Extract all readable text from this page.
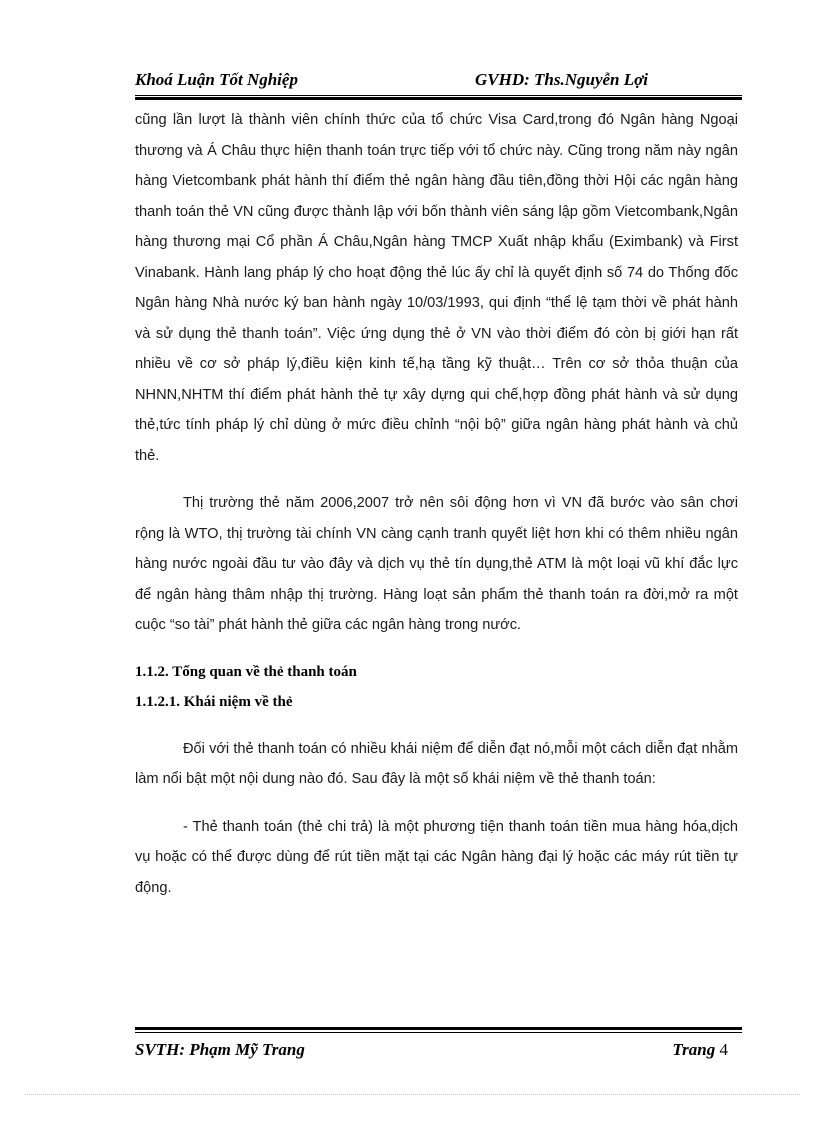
Khoá Luận Tốt Nghiệp	GVHD: Ths.Nguyễn Lợi

cũng lần lượt là thành viên chính thức của tổ chức Visa Card,trong đó Ngân hàng Ngoại thương và Á Châu thực hiện thanh toán trực tiếp với tổ chức này. Cũng trong năm này ngân hàng Vietcombank phát hành thí điểm thẻ ngân hàng đầu tiên,đồng thời Hội các ngân hàng thanh toán thẻ VN cũng được thành lập với bốn thành viên sáng lập gồm Vietcombank,Ngân hàng thương mại Cổ phần Á Châu,Ngân hàng TMCP Xuất nhập khẩu (Eximbank) và First Vinabank. Hành lang pháp lý cho hoạt động thẻ lúc ấy chỉ là quyết định số 74 do Thống đốc Ngân hàng Nhà nước ký ban hành ngày 10/03/1993, qui định “thể lệ tạm thời về phát hành và sử dụng thẻ thanh toán”. Việc ứng dụng thẻ ở VN vào thời điểm đó còn bị giới hạn rất nhiều về cơ sở pháp lý,điều kiện kinh tế,hạ tầng kỹ thuật… Trên cơ sở thỏa thuận của NHNN,NHTM thí điểm phát hành thẻ tự xây dựng qui chế,hợp đồng phát hành và sử dụng thẻ,tức tính pháp lý chỉ dùng ở mức điều chỉnh “nội bộ” giữa ngân hàng phát hành và chủ thẻ.

Thị trường thẻ năm 2006,2007 trở nên sôi động hơn vì VN đã bước vào sân chơi rộng là WTO, thị trường tài chính VN càng cạnh tranh quyết liệt hơn khi có thêm nhiều ngân hàng nước ngoài đầu tư vào đây và dịch vụ thẻ tín dụng,thẻ ATM là một loại vũ khí đắc lực để ngân hàng thâm nhập thị trường. Hàng loạt sản phẩm thẻ thanh toán ra đời,mở ra một cuộc “so tài” phát hành thẻ giữa các ngân hàng trong nước.

1.1.2. Tổng quan về thẻ thanh toán

1.1.2.1. Khái niệm về thẻ

Đối với thẻ thanh toán có nhiều khái niệm để diễn đạt nó,mỗi một cách diễn đạt nhằm làm nổi bật một nội dung nào đó. Sau đây là một số khái niệm về thẻ thanh toán:

- Thẻ thanh toán (thẻ chi trả) là một phương tiện thanh toán tiền mua hàng hóa,dịch vụ hoặc có thể được dùng để rút tiền mặt tại các Ngân hàng đại lý hoặc các máy rút tiền tự động.

SVTH: Phạm Mỹ Trang	Trang 4
